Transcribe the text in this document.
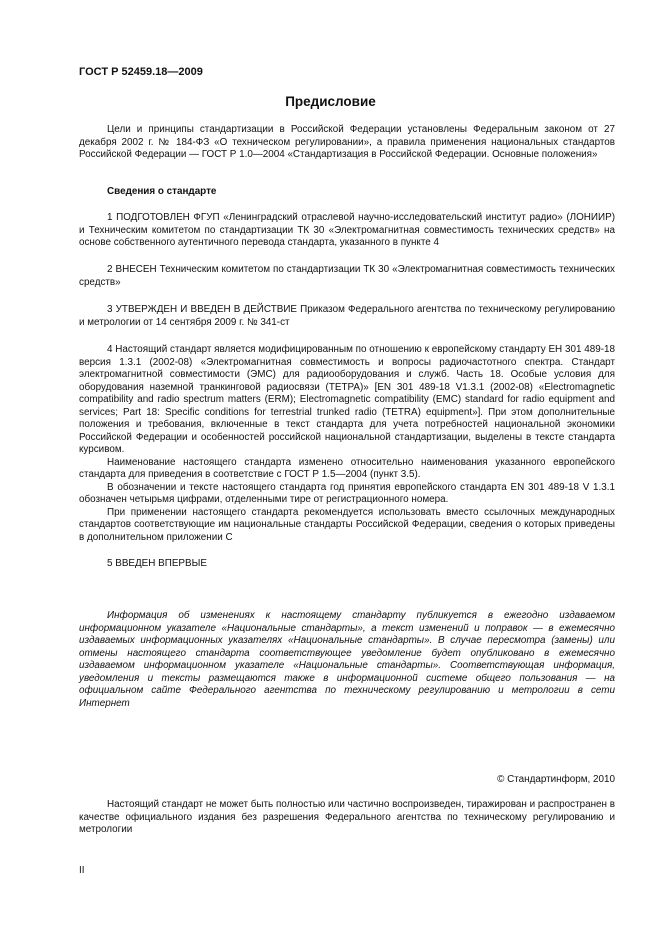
ГОСТ Р 52459.18—2009
Предисловие

Цели и принципы стандартизации в Российской Федерации установлены Федеральным законом от 27 декабря 2002 г. № 184-ФЗ «О техническом регулировании», а правила применения национальных стандартов Российской Федерации — ГОСТ Р 1.0—2004 «Стандартизация в Российской Федерации. Основные положения»

Сведения о стандарте

1 ПОДГОТОВЛЕН ФГУП «Ленинградский отраслевой научно-исследовательский институт радио» (ЛОНИИР) и Техническим комитетом по стандартизации ТК 30 «Электромагнитная совместимость технических средств» на основе собственного аутентичного перевода стандарта, указанного в пункте 4

2 ВНЕСЕН Техническим комитетом по стандартизации ТК 30 «Электромагнитная совместимость технических средств»

3 УТВЕРЖДЕН И ВВЕДЕН В ДЕЙСТВИЕ Приказом Федерального агентства по техническому регулированию и метрологии от 14 сентября 2009 г. № 341-ст

4 Настоящий стандарт является модифицированным по отношению к европейскому стандарту ЕН 301 489-18 версия 1.3.1 (2002-08) «Электромагнитная совместимость и вопросы радиочастотного спектра. Стандарт электромагнитной совместимости (ЭМС) для радиооборудования и служб. Часть 18. Особые условия для оборудования наземной транкинговой радиосвязи (ТЕТРА)» [EN 301 489-18 V1.3.1 (2002-08) «Electromagnetic compatibility and radio spectrum matters (ERM); Electromagnetic compatibility (EMC) standard for radio equipment and services; Part 18: Specific conditions for terrestrial trunked radio (TETRA) equipment»]. При этом дополнительные положения и требования, включенные в текст стандарта для учета потребностей национальной экономики Российской Федерации и особенностей российской национальной стандартизации, выделены в тексте стандарта курсивом.

Наименование настоящего стандарта изменено относительно наименования указанного европейского стандарта для приведения в соответствие с ГОСТ Р 1.5—2004 (пункт 3.5).

В обозначении и тексте настоящего стандарта год принятия европейского стандарта EN 301 489-18 V 1.3.1 обозначен четырьмя цифрами, отделенными тире от регистрационного номера.

При применении настоящего стандарта рекомендуется использовать вместо ссылочных международных стандартов соответствующие им национальные стандарты Российской Федерации, сведения о которых приведены в дополнительном приложении С

5 ВВЕДЕН ВПЕРВЫЕ

Информация об изменениях к настоящему стандарту публикуется в ежегодно издаваемом информационном указателе «Национальные стандарты», а текст изменений и поправок — в ежемесячно издаваемых информационных указателях «Национальные стандарты». В случае пересмотра (замены) или отмены настоящего стандарта соответствующее уведомление будет опубликовано в ежемесячно издаваемом информационном указателе «Национальные стандарты». Соответствующая информация, уведомления и тексты размещаются также в информационной системе общего пользования — на официальном сайте Федерального агентства по техническому регулированию и метрологии в сети Интернет

© Стандартинформ, 2010

Настоящий стандарт не может быть полностью или частично воспроизведен, тиражирован и распространен в качестве официального издания без разрешения Федерального агентства по техническому регулированию и метрологии

II
